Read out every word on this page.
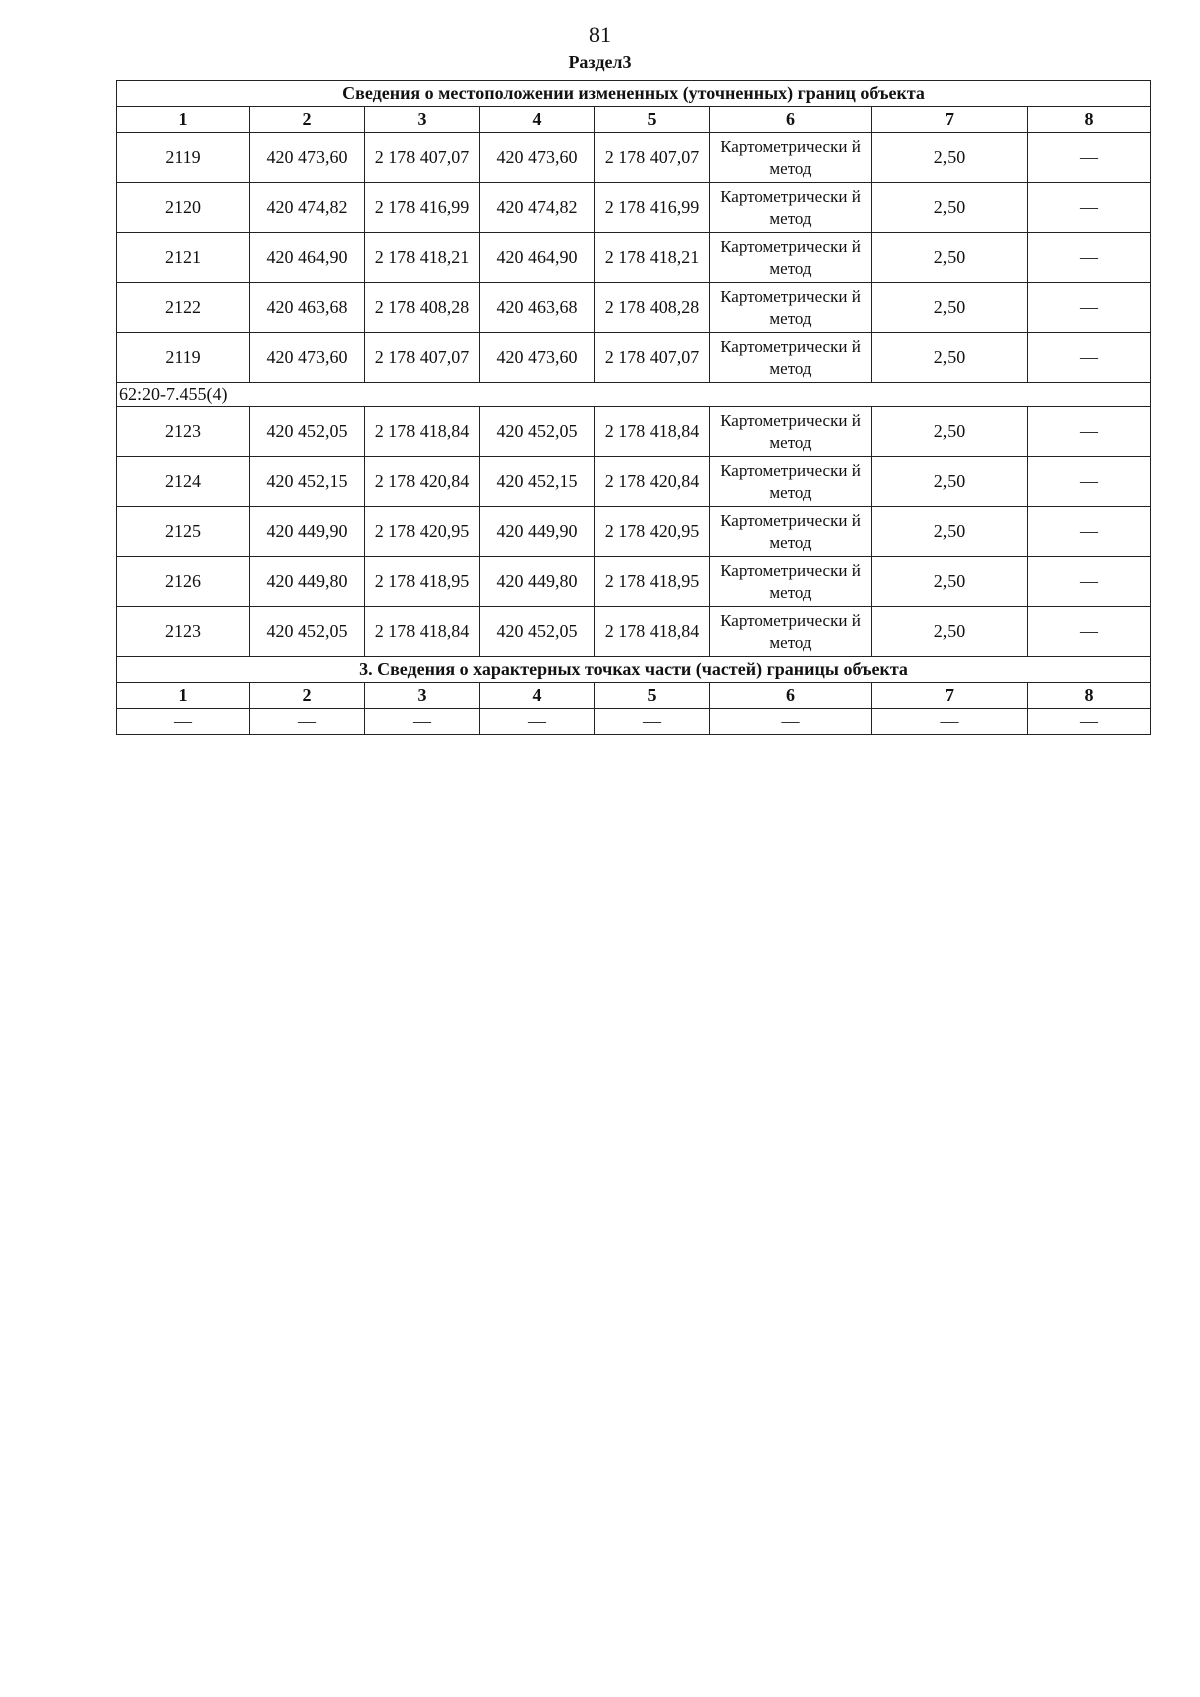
81
Раздел3
Сведения о местоположении измененных (уточненных) границ объекта							
1	2	3	4	5	6	7	8
2119	420 473,60	2 178 407,07	420 473,60	2 178 407,07	Картометрически й метод	2,50	—
2120	420 474,82	2 178 416,99	420 474,82	2 178 416,99	Картометрически й метод	2,50	—
2121	420 464,90	2 178 418,21	420 464,90	2 178 418,21	Картометрически й метод	2,50	—
2122	420 463,68	2 178 408,28	420 463,68	2 178 408,28	Картометрически й метод	2,50	—
2119	420 473,60	2 178 407,07	420 473,60	2 178 407,07	Картометрически й метод	2,50	—
62:20-7.455(4)							
2123	420 452,05	2 178 418,84	420 452,05	2 178 418,84	Картометрически й метод	2,50	—
2124	420 452,15	2 178 420,84	420 452,15	2 178 420,84	Картометрически й метод	2,50	—
2125	420 449,90	2 178 420,95	420 449,90	2 178 420,95	Картометрически й метод	2,50	—
2126	420 449,80	2 178 418,95	420 449,80	2 178 418,95	Картометрически й метод	2,50	—
2123	420 452,05	2 178 418,84	420 452,05	2 178 418,84	Картометрически й метод	2,50	—
3. Сведения о характерных точках части (частей) границы объекта							
1	2	3	4	5	6	7	8
—	—	—	—	—	—	—	—
